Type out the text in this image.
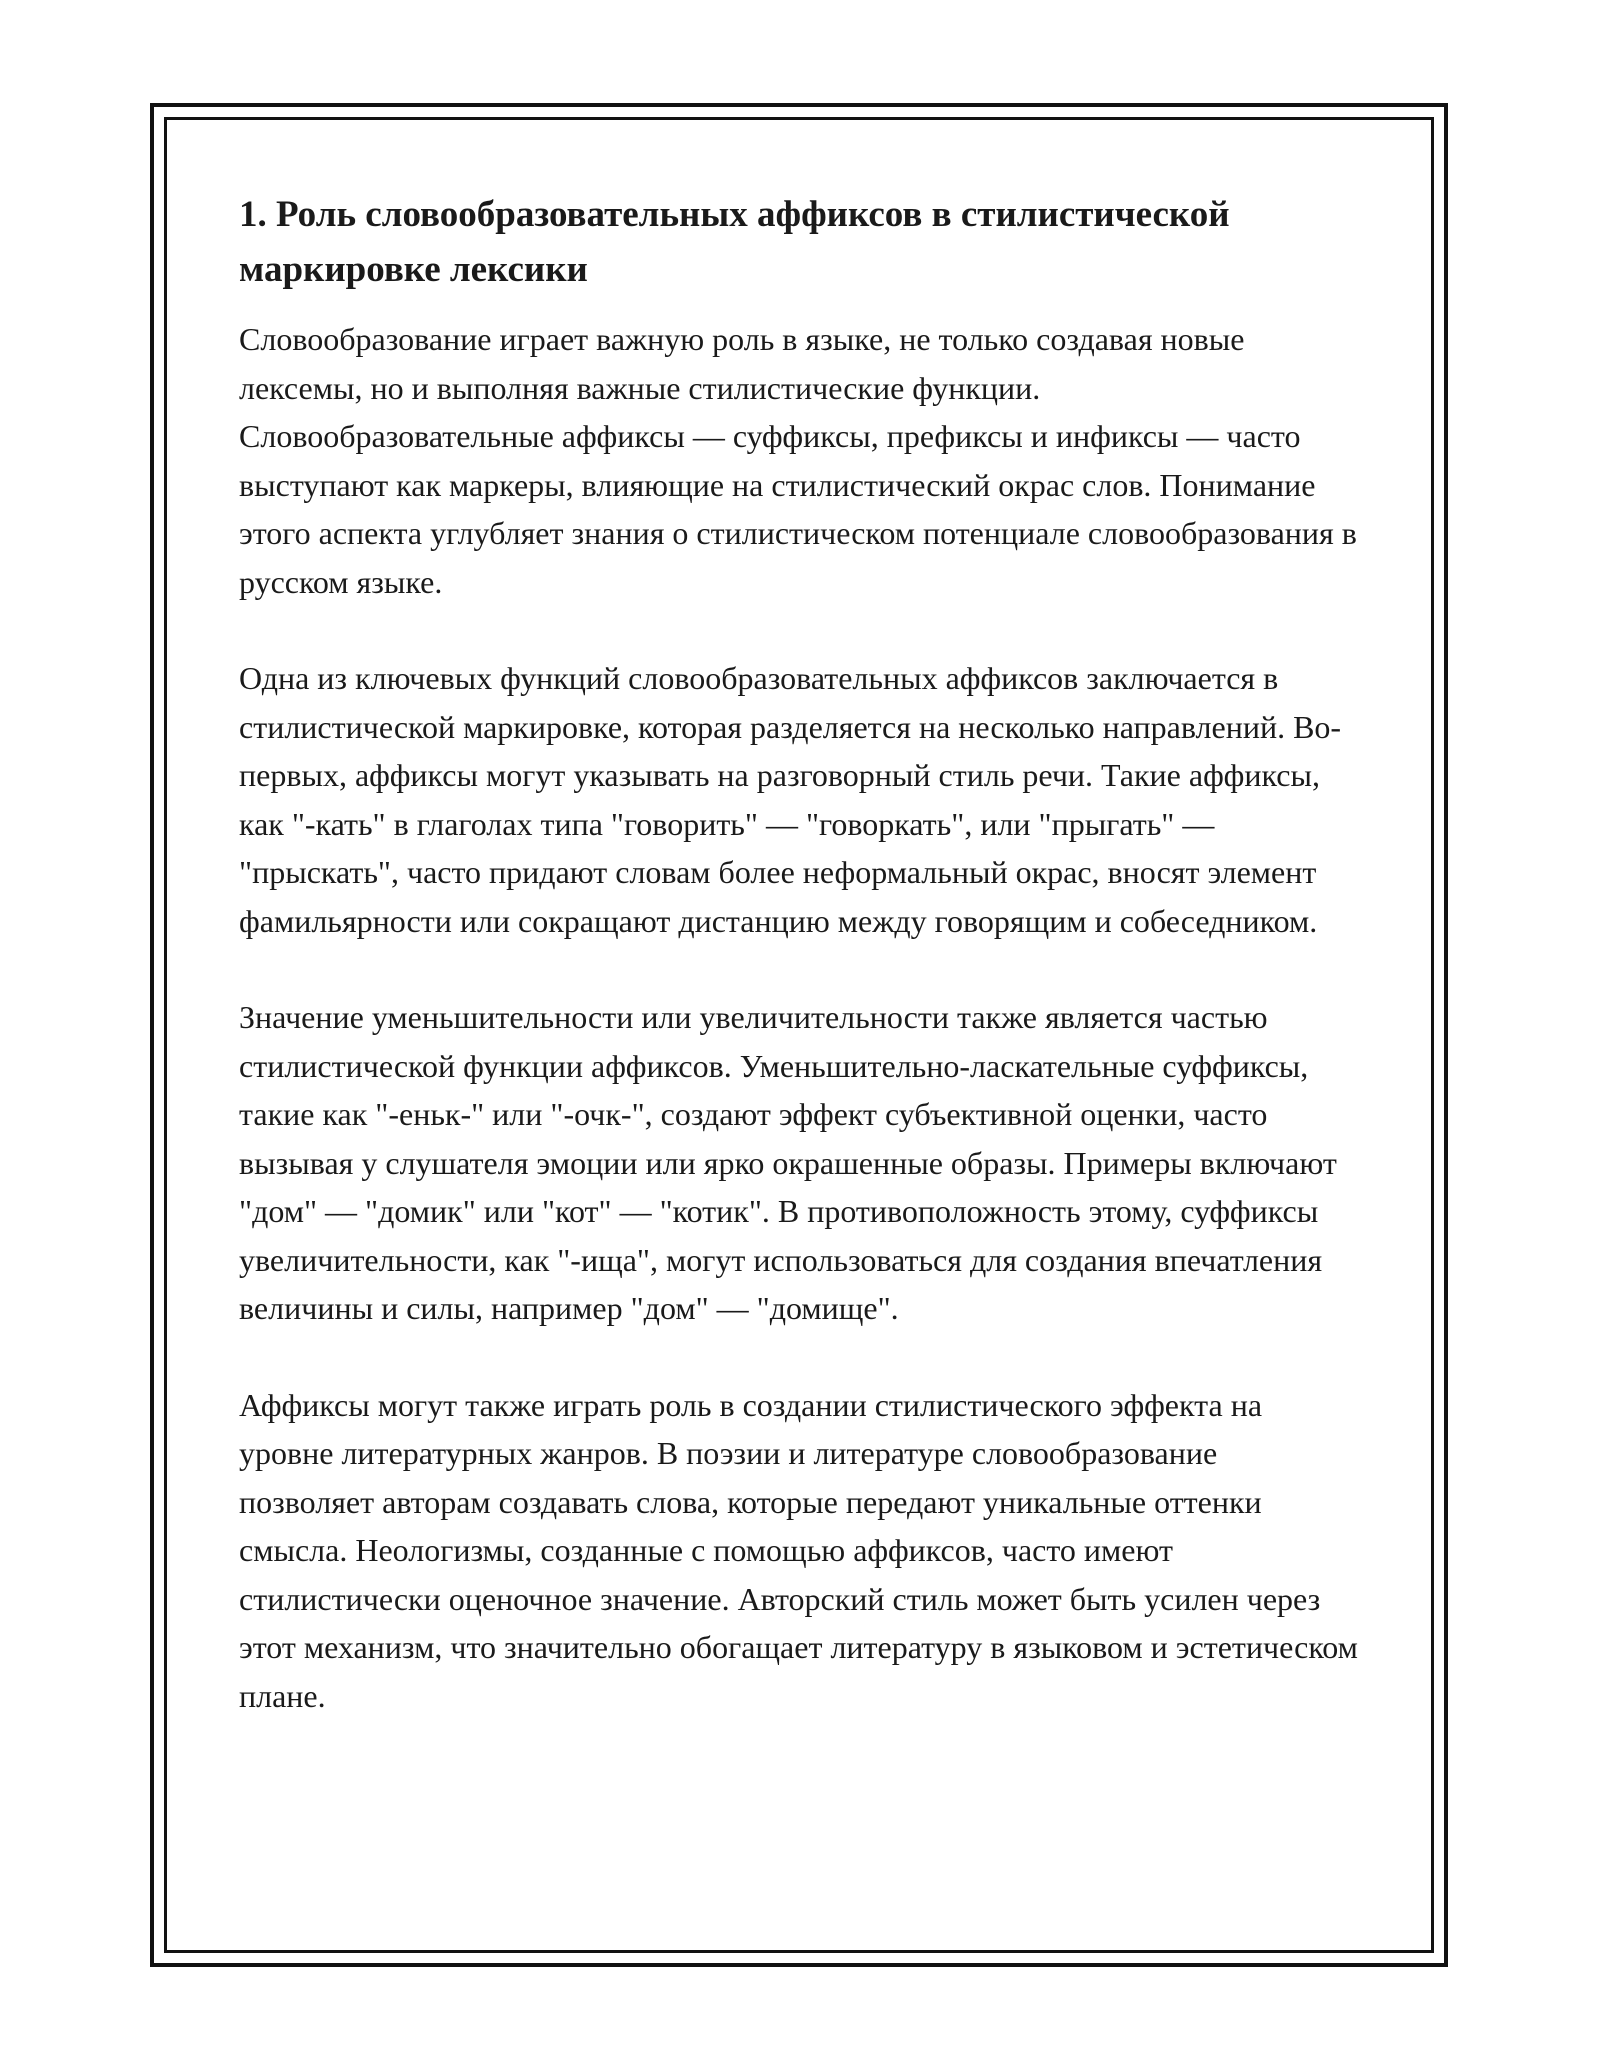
1. Роль словообразовательных аффиксов в стилистической маркировке лексики

Словообразование играет важную роль в языке, не только создавая новые лексемы, но и выполняя важные стилистические функции. Словообразовательные аффиксы — суффиксы, префиксы и инфиксы — часто выступают как маркеры, влияющие на стилистический окрас слов. Понимание этого аспекта углубляет знания о стилистическом потенциале словообразования в русском языке.

Одна из ключевых функций словообразовательных аффиксов заключается в стилистической маркировке, которая разделяется на несколько направлений. Во-первых, аффиксы могут указывать на разговорный стиль речи. Такие аффиксы, как "-кать" в глаголах типа "говорить" — "говоркать", или "прыгать" — "прыскать", часто придают словам более неформальный окрас, вносят элемент фамильярности или сокращают дистанцию между говорящим и собеседником.

Значение уменьшительности или увеличительности также является частью стилистической функции аффиксов. Уменьшительно-ласкательные суффиксы, такие как "-еньк-" или "-очк-", создают эффект субъективной оценки, часто вызывая у слушателя эмоции или ярко окрашенные образы. Примеры включают "дом" — "домик" или "кот" — "котик". В противоположность этому, суффиксы увеличительности, как "-ища", могут использоваться для создания впечатления величины и силы, например "дом" — "домище".

Аффиксы могут также играть роль в создании стилистического эффекта на уровне литературных жанров. В поэзии и литературе словообразование позволяет авторам создавать слова, которые передают уникальные оттенки смысла. Неологизмы, созданные с помощью аффиксов, часто имеют стилистически оценочное значение. Авторский стиль может быть усилен через этот механизм, что значительно обогащает литературу в языковом и эстетическом плане.
